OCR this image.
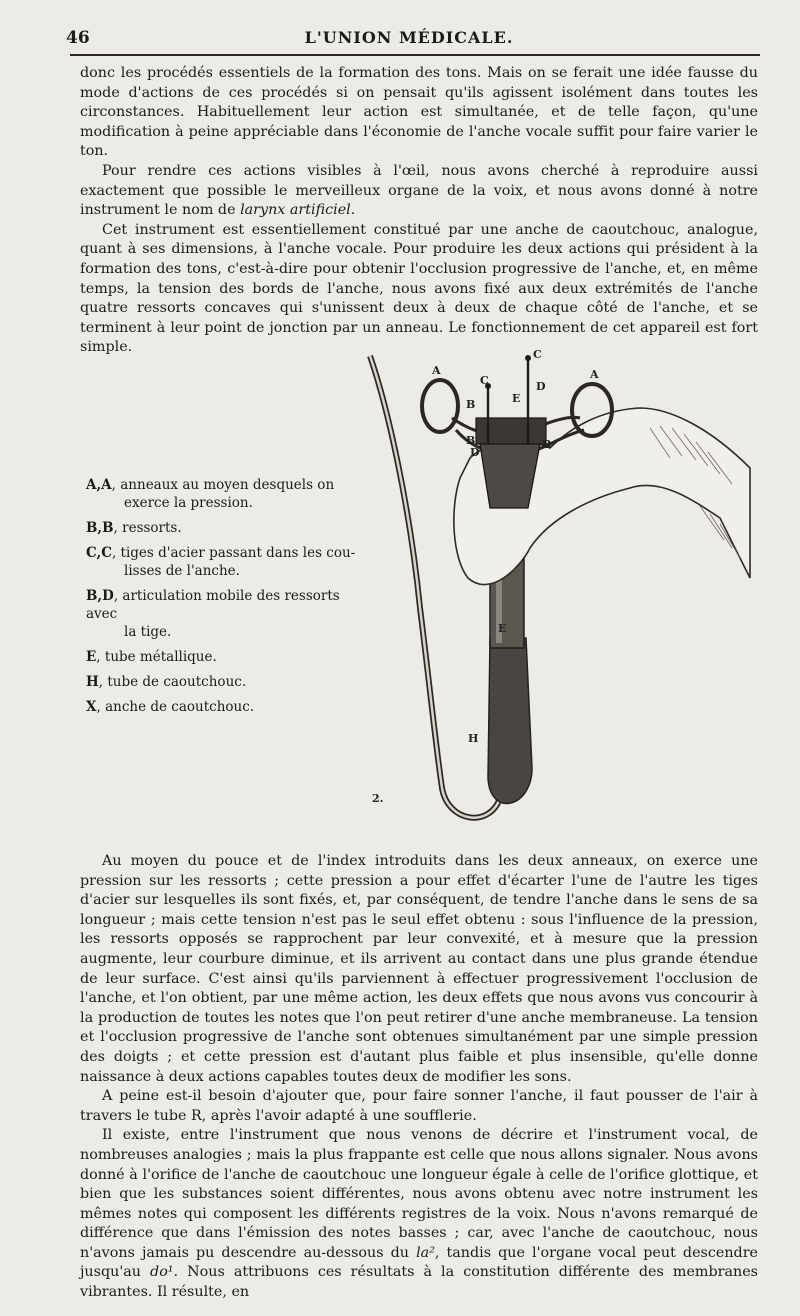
46	L'UNION MÉDICALE.

donc les procédés essentiels de la formation des tons. Mais on se ferait une idée fausse du mode d'actions de ces procédés si on pensait qu'ils agissent isolément dans toutes les circonstances. Habituellement leur action est simultanée, et de telle façon, qu'une modification à peine appréciable dans l'économie de l'anche vocale suffit pour faire varier le ton.

Pour rendre ces actions visibles à l'œil, nous avons cherché à reproduire aussi exactement que possible le merveilleux organe de la voix, et nous avons donné à notre instrument le nom de larynx artificiel.

Cet instrument est essentiellement constitué par une anche de caoutchouc, analogue, quant à ses dimensions, à l'anche vocale. Pour produire les deux actions qui président à la formation des tons, c'est-à-dire pour obtenir l'occlusion progressive de l'anche, et, en même temps, la tension des bords de l'anche, nous avons fixé aux deux extrémités de l'anche quatre ressorts concaves qui s'unissent deux à deux de chaque côté de l'anche, et se terminent à leur point de jonction par un anneau. Le fonctionnement de cet appareil est fort simple.

A,A, anneaux au moyen desquels on
exerce la pression.
B,B, ressorts.
C,C, tiges d'acier passant dans les cou-
lisses de l'anche.
B,D, articulation mobile des ressorts avec
la tige.
E, tube métallique.
H, tube de caoutchouc.
X, anche de caoutchouc.
A	A
C
C	D
E
B
B	B
D
E
H
2.

Au moyen du pouce et de l'index introduits dans les deux anneaux, on exerce une pression sur les ressorts ; cette pression a pour effet d'écarter l'une de l'autre les tiges d'acier sur lesquelles ils sont fixés, et, par conséquent, de tendre l'anche dans le sens de sa longueur ; mais cette tension n'est pas le seul effet obtenu : sous l'influence de la pression, les ressorts opposés se rapprochent par leur convexité, et à mesure que la pression augmente, leur courbure diminue, et ils arrivent au contact dans une plus grande étendue de leur surface. C'est ainsi qu'ils parviennent à effectuer progressivement l'occlusion de l'anche, et l'on obtient, par une même action, les deux effets que nous avons vus concourir à la production de toutes les notes que l'on peut retirer d'une anche membraneuse. La tension et l'occlusion progressive de l'anche sont obtenues simultanément par une simple pression des doigts ; et cette pression est d'autant plus faible et plus insensible, qu'elle donne naissance à deux actions capables toutes deux de modifier les sons.

A peine est-il besoin d'ajouter que, pour faire sonner l'anche, il faut pousser de l'air à travers le tube R, après l'avoir adapté à une soufflerie.

Il existe, entre l'instrument que nous venons de décrire et l'instrument vocal, de nombreuses analogies ; mais la plus frappante est celle que nous allons signaler. Nous avons donné à l'orifice de l'anche de caoutchouc une longueur égale à celle de l'orifice glottique, et bien que les substances soient différentes, nous avons obtenu avec notre instrument les mêmes notes qui composent les différents registres de la voix. Nous n'avons remarqué de différence que dans l'émission des notes basses ; car, avec l'anche de caoutchouc, nous n'avons jamais pu descendre au-dessous du la², tandis que l'organe vocal peut descendre jusqu'au do¹. Nous attribuons ces résultats à la constitution différente des membranes vibrantes. Il résulte, en
